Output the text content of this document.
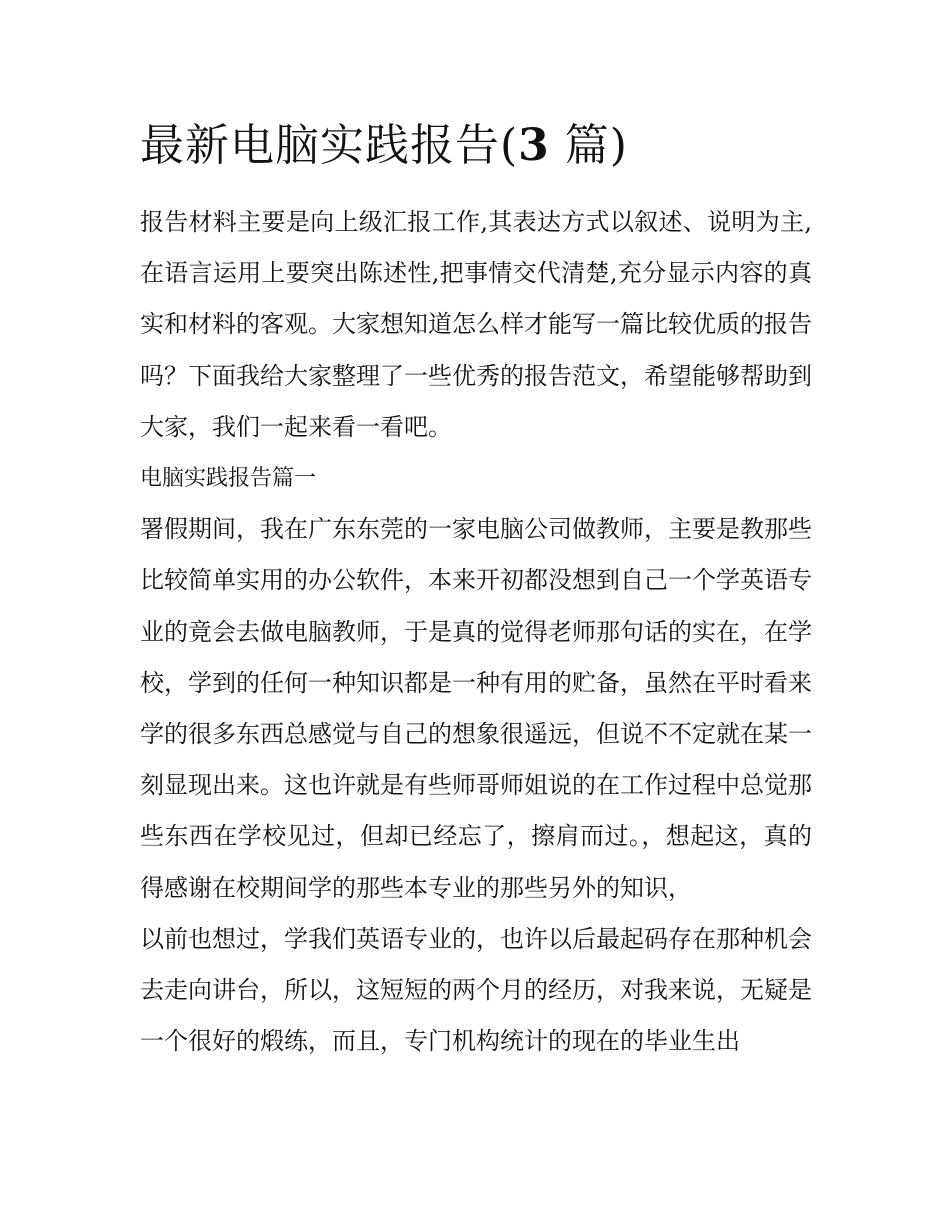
最新电脑实践报告(3 篇)

报告材料主要是向上级汇报工作,其表达方式以叙述、说明为主,在语言运用上要突出陈述性,把事情交代清楚,充分显示内容的真实和材料的客观。大家想知道怎么样才能写一篇比较优质的报告吗？下面我给大家整理了一些优秀的报告范文，希望能够帮助到大家，我们一起来看一看吧。

电脑实践报告篇一

署假期间，我在广东东莞的一家电脑公司做教师，主要是教那些比较简单实用的办公软件，本来开初都没想到自己一个学英语专业的竟会去做电脑教师，于是真的觉得老师那句话的实在，在学校，学到的任何一种知识都是一种有用的贮备，虽然在平时看来学的很多东西总感觉与自己的想象很遥远，但说不不定就在某一刻显现出来。这也许就是有些师哥师姐说的在工作过程中总觉那些东西在学校见过，但却已经忘了，擦肩而过。，想起这，真的得感谢在校期间学的那些本专业的那些另外的知识，

以前也想过，学我们英语专业的，也许以后最起码存在那种机会去走向讲台，所以，这短短的两个月的经历，对我来说，无疑是一个很好的煅练，而且，专门机构统计的现在的毕业生出
